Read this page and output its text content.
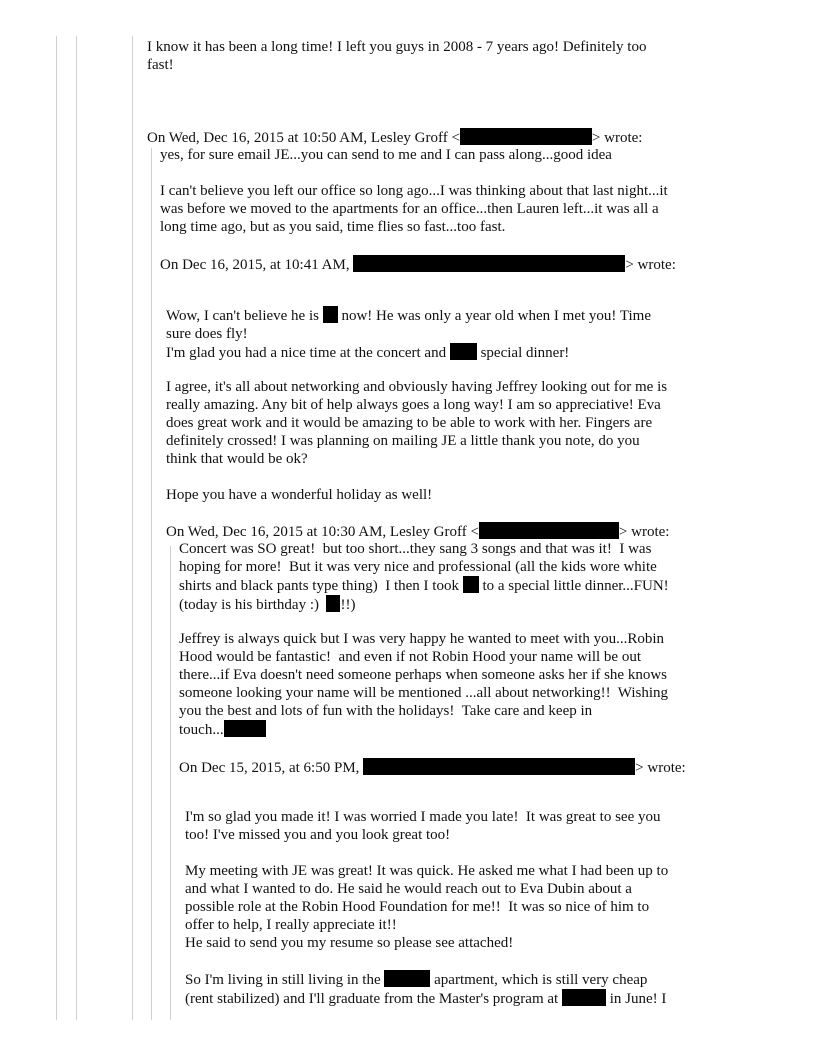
I know it has been a long time! I left you guys in 2008 - 7 years ago! Definitely too

fast!

On Wed, Dec 16, 2015 at 10:50 AM, Lesley Groff <	> wrote:

yes, for sure email JE...you can send to me and I can pass along...good idea

I can't believe you left our office so long ago...I was thinking about that last night...it
was before we moved to the apartments for an office...then Lauren left...it was all a
long time ago, but as you said, time flies so fast...too fast.

On Dec 16, 2015, at 10:41 AM,	> wrote:

Wow, I can't believe he is  now! He was only a year old when I met you! Time

sure does fly!

I'm glad you had a nice time at the concert and  special dinner!

I agree, it's all about networking and obviously having Jeffrey looking out for me is
really amazing. Any bit of help always goes a long way! I am so appreciative! Eva
does great work and it would be amazing to be able to work with her. Fingers are
definitely crossed! I was planning on mailing JE a little thank you note, do you
think that would be ok?

Hope you have a wonderful holiday as well!

On Wed, Dec 16, 2015 at 10:30 AM, Lesley Groff <	> wrote:

Concert was SO great!  but too short...they sang 3 songs and that was it!  I was

hoping for more!  But it was very nice and professional (all the kids wore white

shirts and black pants type thing)  I then I took  to a special little dinner...FUN!

(today is his birthday :)  !!)

Jeffrey is always quick but I was very happy he wanted to meet with you...Robin
Hood would be fantastic!  and even if not Robin Hood your name will be out
there...if Eva doesn't need someone perhaps when someone asks her if she knows
someone looking your name will be mentioned ...all about networking!!  Wishing
you the best and lots of fun with the holidays!  Take care and keep in

touch...

On Dec 15, 2015, at 6:50 PM,	> wrote:

I'm so glad you made it! I was worried I made you late!  It was great to see you
too! I've missed you and you look great too!

My meeting with JE was great! It was quick. He asked me what I had been up to
and what I wanted to do. He said he would reach out to Eva Dubin about a
possible role at the Robin Hood Foundation for me!!  It was so nice of him to
offer to help, I really appreciate it!!
He said to send you my resume so please see attached!

So I'm living in still living in the	apartment, which is still very cheap

(rent stabilized) and I'll graduate from the Master's program at	in June! I
